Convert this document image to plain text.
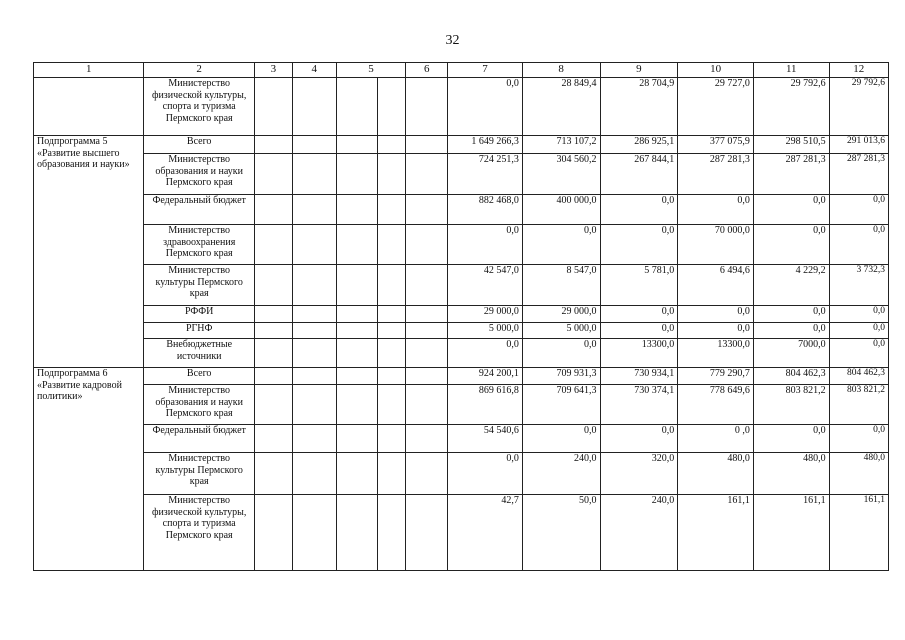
32
1	2	3	4	5		6	7	8	9	10	11	12
	Министерство физической культуры, спорта и туризма Пермского края						0,0	28 849,4	28 704,9	29 727,0	29 792,6	29 792,6
Подпрограмма 5 «Развитие высшего образования и науки»	Всего						1 649 266,3	713 107,2	286 925,1	377 075,9	298 510,5	291 013,6
	Министерство образования и науки Пермского края						724 251,3	304 560,2	267 844,1	287 281,3	287 281,3	287 281,3
	Федеральный бюджет						882 468,0	400 000,0	0,0	0,0	0,0	0,0
	Министерство здравоохранения Пермского края						0,0	0,0	0,0	70 000,0	0,0	0,0
	Министерство культуры Пермского края						42 547,0	8 547,0	5 781,0	6 494,6	4 229,2	3 732,3
	РФФИ						29 000,0	29 000,0	0,0	0,0	0,0	0,0
	РГНФ						5 000,0	5 000,0	0,0	0,0	0,0	0,0
	Внебюджетные источники						0,0	0,0	13300,0	13300,0	7000,0	0,0
Подпрограмма 6 «Развитие кадровой политики»	Всего						924 200,1	709 931,3	730 934,1	779 290,7	804 462,3	804 462,3
	Министерство образования и науки Пермского края						869 616,8	709 641,3	730 374,1	778 649,6	803 821,2	803 821,2
	Федеральный бюджет						54 540,6	0,0	0,0	0 ,0	0,0	0,0
	Министерство культуры Пермского края						0,0	240,0	320,0	480,0	480,0	480,0
	Министерство физической культуры, спорта и туризма Пермского края						42,7	50,0	240,0	161,1	161,1	161,1
